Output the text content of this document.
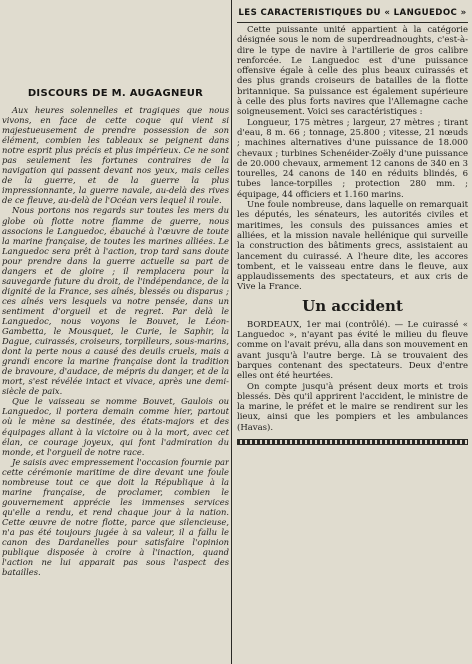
DISCOURS DE M. AUGAGNEUR

Aux heures solennelles et tragiques que nous vivons, en face de cette coque qui vient si majestueusement de prendre possession de son élément, combien les tableaux se peignent dans notre esprit plus précis et plus impérieux. Ce ne sont pas seulement les fortunes contraires de la navigation qui passent devant nos yeux, mais celles de la guerre, et de la guerre la plus impressionnante, la guerre navale, au-delà des rives de ce fleuve, au-delà de l'Océan vers lequel il roule.

Nous portons nos regards sur toutes les mers du globe où flotte notre flamme de guerre, nous associons le Languedoc, ébauché à l'œuvre de toute la marine française, de toutes les marines alliées. Le Languedoc sera prêt à l'action, trop tard sans doute pour prendre dans la guerre actuelle sa part de dangers et de gloire ; il remplacera pour la sauvegarde future du droit, de l'indépendance, de la dignité de la France, ses aînés, blessés ou disparus ; ces aînés vers lesquels va notre pensée, dans un sentiment d'orgueil et de regret. Par delà le Languedoc, nous voyons le Bouvet, le Léon-Gambetta, le Mousquet, le Curie, le Saphir, la Dague, cuirassés, croiseurs, torpilleurs, sous-marins, dont la perte nous a causé des deuils cruels, mais a grandi encore la marine française dont la tradition de bravoure, d'audace, de mépris du danger, et de la mort, s'est révélée intact et vivace, après une demi-siècle de paix.

Que le vaisseau se nomme Bouvet, Gaulois ou Languedoc, il portera demain comme hier, partout où le mène sa destinée, des états-majors et des équipages allant à la victoire ou à la mort, avec cet élan, ce courage joyeux, qui font l'admiration du monde, et l'orgueil de notre race.

Je saisis avec empressement l'occasion fournie par cette cérémonie maritime de dire devant une foule nombreuse tout ce que doit la République à la marine française, de proclamer, combien le gouvernement apprécie les immenses services qu'elle a rendu, et rend chaque jour à la nation. Cette œuvre de notre flotte, parce que silencieuse, n'a pas été toujours jugée à sa valeur, il a fallu le canon des Dardanelles pour satisfaire l'opinion publique disposée à croire à l'inaction, quand l'action ne lui apparait pas sous l'aspect des batailles.

LES CARACTERISTIQUES DU « LANGUEDOC »

Cette puissante unité appartient à la catégorie désignée sous le nom de superdreadnoughts, c'est-à-dire le type de navire à l'artillerie de gros calibre renforcée. Le Languedoc est d'une puissance offensive égale à celle des plus beaux cuirassés et des plus grands croiseurs de batailles de la flotte britannique. Sa puissance est également supérieure à celle des plus forts navires que l'Allemagne cache soigneusement. Voici ses caractéristiques :

Longueur, 175 mètres ; largeur, 27 mètres ; tirant d'eau, 8 m. 66 ; tonnage, 25.800 ; vitesse, 21 nœuds ; machines alternatives d'une puissance de 18.000 chevaux ; turbines Schenéider-Zoëly d'une puissance de 20.000 chevaux, armement 12 canons de 340 en 3 tourelles, 24 canons de 140 en réduits blindés, 6 tubes lance-torpilles ; protection 280 mm. ; équipage, 44 officiers et 1.160 marins.

Une foule nombreuse, dans laquelle on remarquait les députés, les sénateurs, les autorités civiles et maritimes, les consuls des puissances amies et alliées, et la mission navale hellénique qui surveille la construction des bâtiments grecs, assistaient au lancement du cuirassé. A l'heure dite, les accores tombent, et le vaisseau entre dans le fleuve, aux applaudissements des spectateurs, et aux cris de Vive la France.

Un accident

BORDEAUX, 1er mai (contrôlé). — Le cuirassé « Languedoc », n'ayant pas évité le milieu du fleuve comme on l'avait prévu, alla dans son mouvement en avant jusqu'à l'autre berge. Là se trouvaient des barques contenant des spectateurs. Deux d'entre elles ont été heurtées.

On compte jusqu'à présent deux morts et trois blessés. Dès qu'il apprirent l'accident, le ministre de la marine, le préfet et le maire se rendirent sur les lieux, ainsi que les pompiers et les ambulances (Havas).
